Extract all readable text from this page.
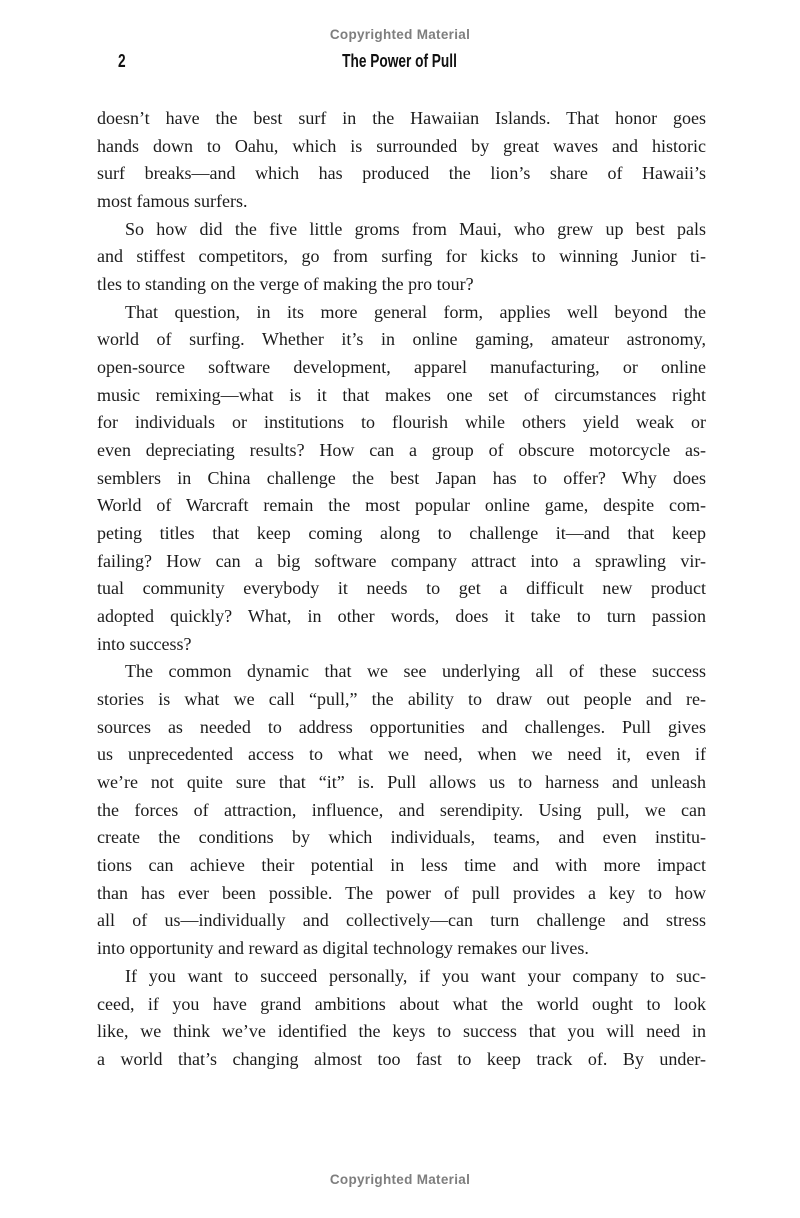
Copyrighted Material
2	The Power of Pull
doesn’t have the best surf in the Hawaiian Islands. That honor goes
hands down to Oahu, which is surrounded by great waves and historic
surf breaks—and which has produced the lion’s share of Hawaii’s
most famous surfers.
So how did the five little groms from Maui, who grew up best pals
and stiffest competitors, go from surfing for kicks to winning Junior ti-
tles to standing on the verge of making the pro tour?
That question, in its more general form, applies well beyond the
world of surfing. Whether it’s in online gaming, amateur astronomy,
open-source software development, apparel manufacturing, or online
music remixing—what is it that makes one set of circumstances right
for individuals or institutions to flourish while others yield weak or
even depreciating results? How can a group of obscure motorcycle as-
semblers in China challenge the best Japan has to offer? Why does
World of Warcraft remain the most popular online game, despite com-
peting titles that keep coming along to challenge it—and that keep
failing? How can a big software company attract into a sprawling vir-
tual community everybody it needs to get a difficult new product
adopted quickly? What, in other words, does it take to turn passion
into success?
The common dynamic that we see underlying all of these success
stories is what we call “pull,” the ability to draw out people and re-
sources as needed to address opportunities and challenges. Pull gives
us unprecedented access to what we need, when we need it, even if
we’re not quite sure that “it” is. Pull allows us to harness and unleash
the forces of attraction, influence, and serendipity. Using pull, we can
create the conditions by which individuals, teams, and even institu-
tions can achieve their potential in less time and with more impact
than has ever been possible. The power of pull provides a key to how
all of us—individually and collectively—can turn challenge and stress
into opportunity and reward as digital technology remakes our lives.
If you want to succeed personally, if you want your company to suc-
ceed, if you have grand ambitions about what the world ought to look
like, we think we’ve identified the keys to success that you will need in
a world that’s changing almost too fast to keep track of. By under-
Copyrighted Material
